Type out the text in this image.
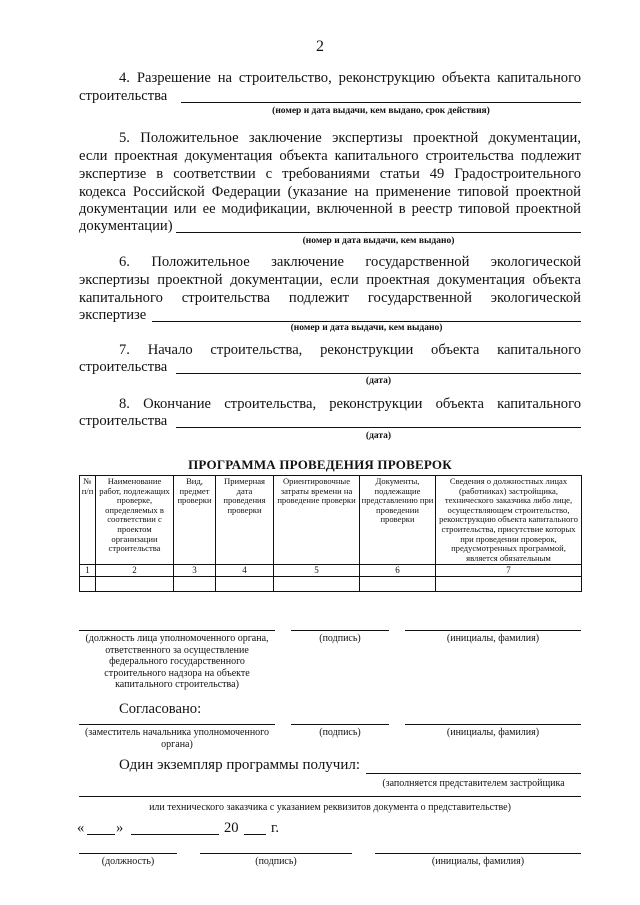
2
4. Разрешение на строительство, реконструкцию объекта капитального
строительства
(номер и дата выдачи, кем выдано, срок действия)
5. Положительное заключение экспертизы проектной документации,
если проектная документация объекта капитального строительства подлежит
экспертизе в соответствии с требованиями статьи 49 Градостроительного
кодекса Российской Федерации (указание на применение типовой проектной
документации или ее модификации, включенной в реестр типовой проектной
документации)
(номер и дата выдачи, кем выдано)
6. Положительное заключение государственной экологической
экспертизы проектной документации, если проектная документация объекта
капитального строительства подлежит государственной экологической
экспертизе
(номер и дата выдачи, кем выдано)
7. Начало строительства, реконструкции объекта капитального
строительства
(дата)
8. Окончание строительства, реконструкции объекта капитального
строительства
(дата)
ПРОГРАММА ПРОВЕДЕНИЯ ПРОВЕРОК
№ п/п	Наименование работ, подлежащих проверке, определяемых в соответствии с проектом организации строительства	Вид, предмет проверки	Примерная дата проведения проверки	Ориентировочные затраты времени на проведение проверки	Документы, подлежащие представлению при проведении проверки	Сведения о должностных лицах (работниках) застройщика, технического заказчика либо лице, осуществляющем строительство, реконструкцию объекта капитального строительства, присутствие которых при проведении проверок, предусмотренных программой, является обязательным
1	2	3	4	5	6	7

(должность лица уполномоченного органа, ответственного за осуществление федерального государственного строительного надзора на объекте капитального строительства)
(подпись)	(инициалы, фамилия)
Согласовано:
(заместитель начальника уполномоченного органа)
(подпись)	(инициалы, фамилия)
Один экземпляр программы получил:
(заполняется представителем застройщика
или технического заказчика с указанием реквизитов документа о представительстве)
« »	20 г.
(должность)	(подпись)	(инициалы, фамилия)
